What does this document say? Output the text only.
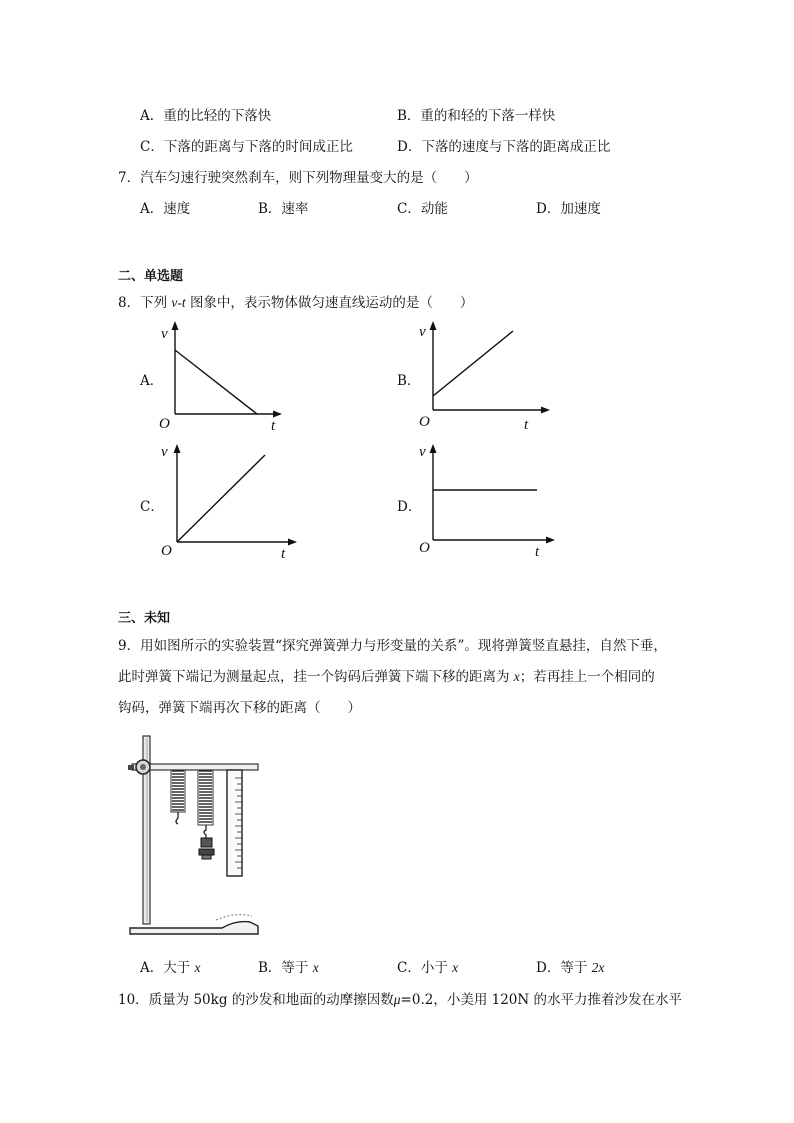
A．重的比轻的下落快	B．重的和轻的下落一样快
C．下落的距离与下落的时间成正比	D．下落的速度与下落的距离成正比
7．汽车匀速行驶突然刹车，则下列物理量变大的是（　　）
A．速度	B．速率	C．动能	D．加速度
二、单选题
8．下列 v-t 图象中，表示物体做匀速直线运动的是（　　）
A．
v
O	t
B．
v
O	t
C．
v
O	t
D．
v
O	t
三、未知
9．用如图所示的实验装置“探究弹簧弹力与形变量的关系”。现将弹簧竖直悬挂，自然下垂，
此时弹簧下端记为测量起点，挂一个钩码后弹簧下端下移的距离为 x；若再挂上一个相同的
钩码，弹簧下端再次下移的距离（　　）
A．大于 x	B．等于 x	C．小于 x	D．等于 2x
10．质量为 50kg 的沙发和地面的动摩擦因数μ=0.2，小美用 120N 的水平力推着沙发在水平
